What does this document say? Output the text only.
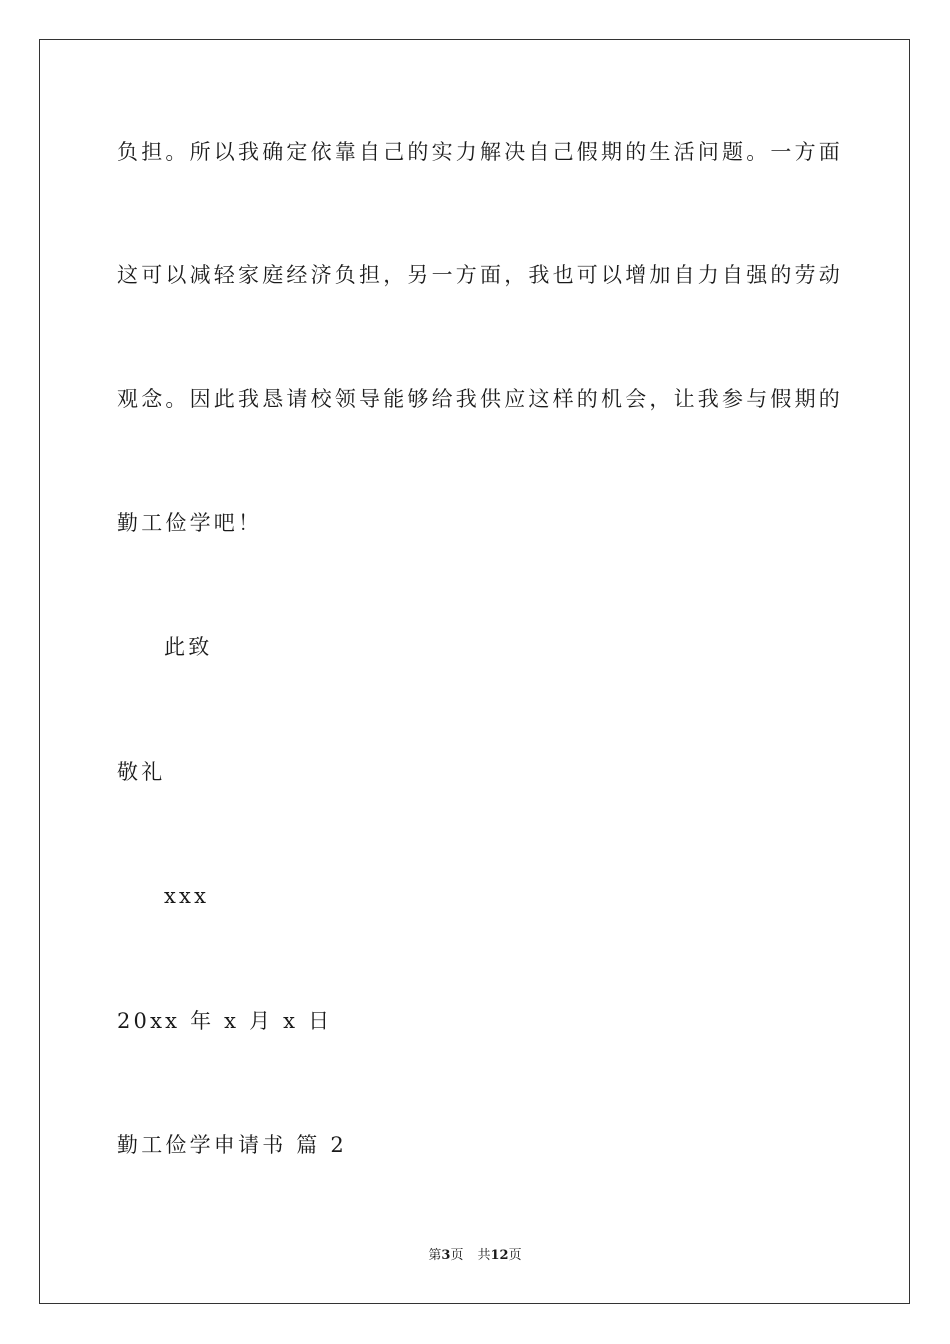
负担。所以我确定依靠自己的实力解决自己假期的生活问题。一方面
这可以减轻家庭经济负担，另一方面，我也可以增加自力自强的劳动
观念。因此我恳请校领导能够给我供应这样的机会，让我参与假期的
勤工俭学吧！
此致
敬礼
xxx
20xx 年 x 月 x 日
勤工俭学申请书 篇 2
第3页 共12页
